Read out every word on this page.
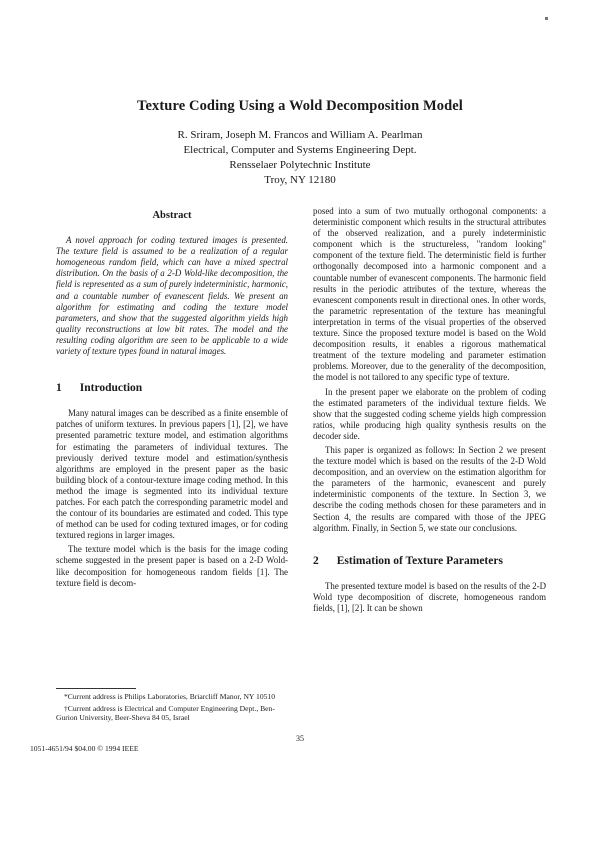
Texture Coding Using a Wold Decomposition Model
R. Sriram, Joseph M. Francos and William A. Pearlman
Electrical, Computer and Systems Engineering Dept.
Rensselaer Polytechnic Institute
Troy, NY 12180
Abstract

A novel approach for coding textured images is presented. The texture field is assumed to be a realization of a regular homogeneous random field, which can have a mixed spectral distribution. On the basis of a 2-D Wold-like decomposition, the field is represented as a sum of purely indeterministic, harmonic, and a countable number of evanescent fields. We present an algorithm for estimating and coding the texture model parameters, and show that the suggested algorithm yields high quality reconstructions at low bit rates. The model and the resulting coding algorithm are seen to be applicable to a wide variety of texture types found in natural images.

1 Introduction

Many natural images can be described as a finite ensemble of patches of uniform textures. In previous papers [1], [2], we have presented parametric texture model, and estimation algorithms for estimating the parameters of individual textures. The previously derived texture model and estimation/synthesis algorithms are employed in the present paper as the basic building block of a contour-texture image coding method. In this method the image is segmented into its individual texture patches. For each patch the corresponding parametric model and the contour of its boundaries are estimated and coded. This type of method can be used for coding textured images, or for coding textured regions in larger images.

The texture model which is the basis for the image coding scheme suggested in the present paper is based on a 2-D Wold-like decomposition for homogeneous random fields [1]. The texture field is decom-

posed into a sum of two mutually orthogonal components: a deterministic component which results in the structural attributes of the observed realization, and a purely indeterministic component which is the structureless, "random looking" component of the texture field. The deterministic field is further orthogonally decomposed into a harmonic component and a countable number of evanescent components. The harmonic field results in the periodic attributes of the texture, whereas the evanescent components result in directional ones. In other words, the parametric representation of the texture has meaningful interpretation in terms of the visual properties of the observed texture. Since the proposed texture model is based on the Wold decomposition results, it enables a rigorous mathematical treatment of the texture modeling and parameter estimation problems. Moreover, due to the generality of the decomposition, the model is not tailored to any specific type of texture.

In the present paper we elaborate on the problem of coding the estimated parameters of the individual texture fields. We show that the suggested coding scheme yields high compression ratios, while producing high quality synthesis results on the decoder side.

This paper is organized as follows: In Section 2 we present the texture model which is based on the results of the 2-D Wold decomposition, and an overview on the estimation algorithm for the parameters of the harmonic, evanescent and purely indeterministic components of the texture. In Section 3, we describe the coding methods chosen for these parameters and in Section 4, the results are compared with those of the JPEG algorithm. Finally, in Section 5, we state our conclusions.

2 Estimation of Texture Parameters

The presented texture model is based on the results of the 2-D Wold type decomposition of discrete, homogeneous random fields, [1], [2]. It can be shown

*Current address is Philips Laboratories, Briarcliff Manor, NY 10510

†Current address is Electrical and Computer Engineering Dept., Ben-Gurion University, Beer-Sheva 84 05, Israel

35
1051-4651/94 $04.00 © 1994 IEEE
